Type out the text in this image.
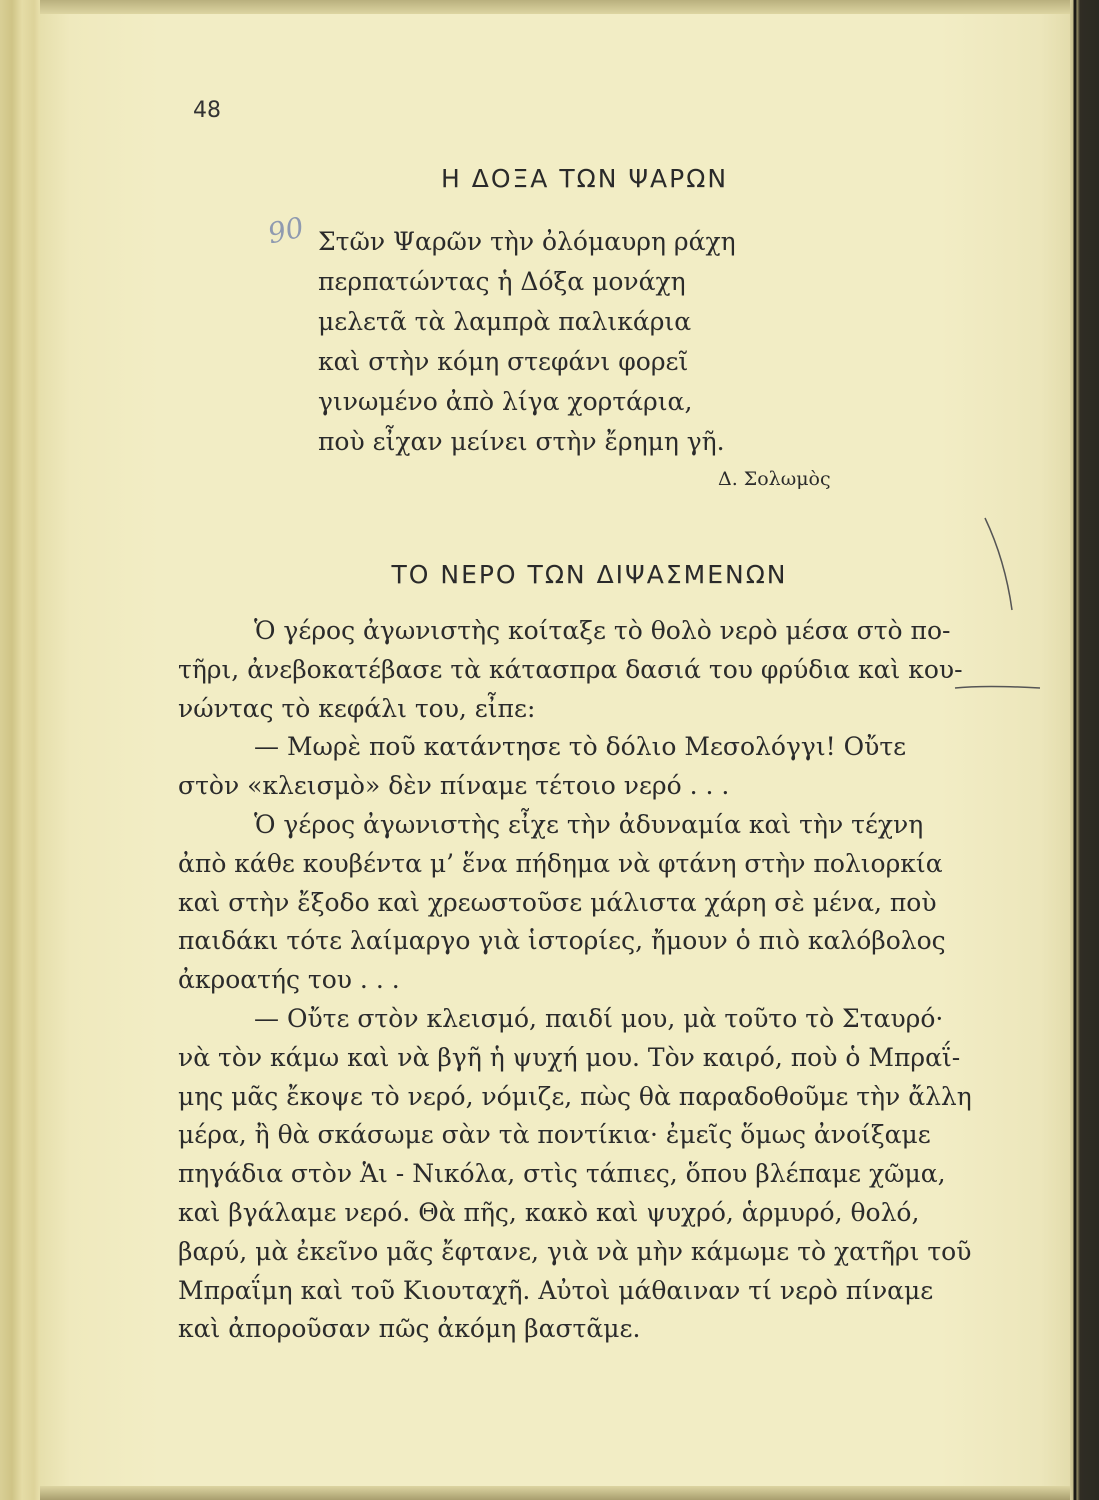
48
Η ΔΟΞΑ ΤΩΝ ΨΑΡΩΝ
Στῶν Ψαρῶν τὴν ὀλόμαυρη ράχη
περπατώντας ἡ Δόξα μονάχη
μελετᾶ τὰ λαμπρὰ παλικάρια
καὶ στὴν κόμη στεφάνι φορεῖ
γινωμένο ἀπὸ λίγα χορτάρια,
ποὺ εἶχαν μείνει στὴν ἔρημη γῆ.
Δ. Σολωμὸς
90
ΤΟ ΝΕΡΟ ΤΩΝ ΔΙΨΑΣΜΕΝΩΝ
Ὁ γέρος ἀγωνιστὴς κοίταξε τὸ θολὸ νερὸ μέσα στὸ πο-
τῆρι, ἀνεβοκατέβασε τὰ κάτασπρα δασιά του φρύδια καὶ κου-
νώντας τὸ κεφάλι του, εἶπε:
— Μωρὲ ποῦ κατάντησε τὸ δόλιο Μεσολόγγι! Οὔτε
στὸν «κλεισμὸ» δὲν πίναμε τέτοιο νερό . . .
Ὁ γέρος ἀγωνιστὴς εἶχε τὴν ἀδυναμία καὶ τὴν τέχνη
ἀπὸ κάθε κουβέντα μ’ ἕνα πήδημα νὰ φτάνη στὴν πολιορκία
καὶ στὴν ἔξοδο καὶ χρεωστοῦσε μάλιστα χάρη σὲ μένα, ποὺ
παιδάκι τότε λαίμαργο γιὰ ἱστορίες, ἤμουν ὁ πιὸ καλόβολος
ἀκροατής του . . .
— Οὔτε στὸν κλεισμό, παιδί μου, μὰ τοῦτο τὸ Σταυρό·
νὰ τὸν κάμω καὶ νὰ βγῆ ἡ ψυχή μου. Τὸν καιρό, ποὺ ὁ Μπραΐ-
μης μᾶς ἔκοψε τὸ νερό, νόμιζε, πὼς θὰ παραδοθοῦμε τὴν ἄλλη
μέρα, ἢ θὰ σκάσωμε σὰν τὰ ποντίκια· ἐμεῖς ὅμως ἀνοίξαμε
πηγάδια στὸν Ἁι - Νικόλα, στὶς τάπιες, ὅπου βλέπαμε χῶμα,
καὶ βγάλαμε νερό. Θὰ πῆς, κακὸ καὶ ψυχρό, ἁρμυρό, θολό,
βαρύ, μὰ ἐκεῖνο μᾶς ἔφτανε, γιὰ νὰ μὴν κάμωμε τὸ χατῆρι τοῦ
Μπραΐμη καὶ τοῦ Κιουταχῆ. Αὐτοὶ μάθαιναν τί νερὸ πίναμε
καὶ ἀποροῦσαν πῶς ἀκόμη βαστᾶμε.
